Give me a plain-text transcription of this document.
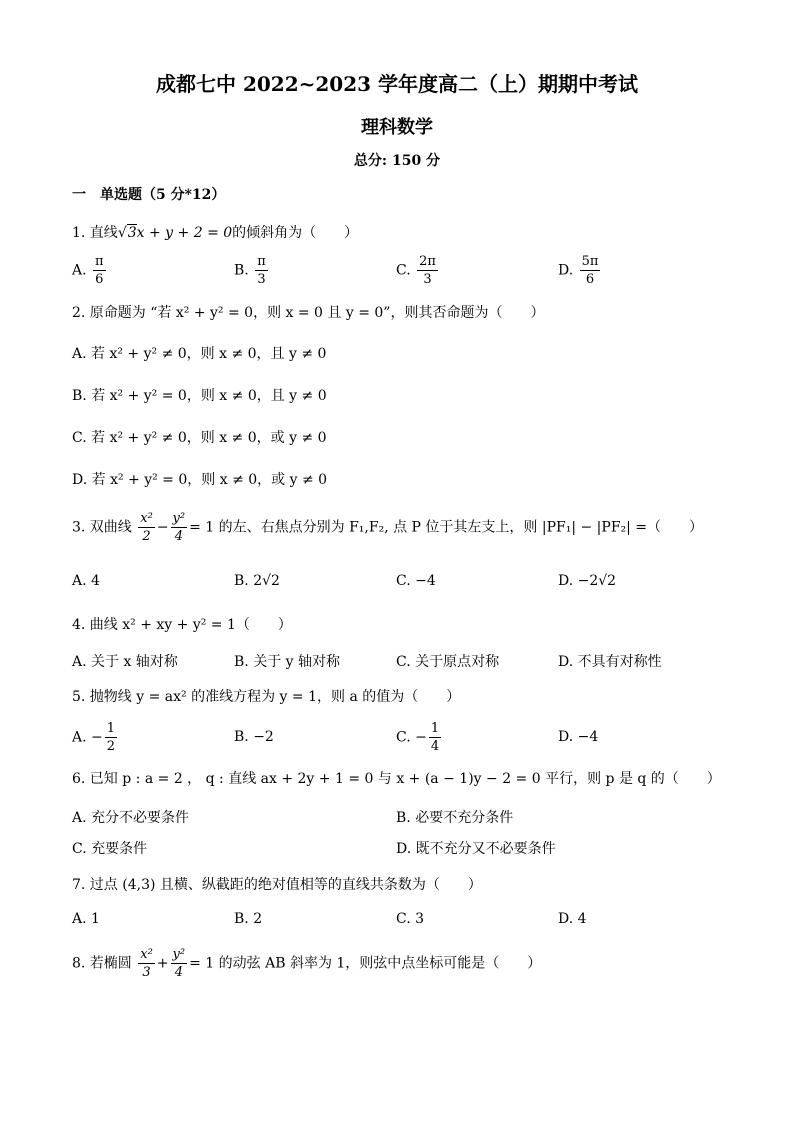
成都七中 2022~2023 学年度高二（上）期期中考试
理科数学
总分: 150 分
一　单选题（5 分*12）
1. 直线√3x + y + 2 = 0的倾斜角为（　　）
A. $\frac{\pi}{6}$	B. $\frac{\pi}{3}$	C. $\frac{2\pi}{3}$	D. $\frac{5\pi}{6}$
2. 原命题为 “若 x² + y² = 0，则 x = 0 且 y = 0”，则其否命题为（　　）
A. 若 x² + y² ≠ 0，则 x ≠ 0，且 y ≠ 0
B. 若 x² + y² = 0，则 x ≠ 0，且 y ≠ 0
C. 若 x² + y² ≠ 0，则 x ≠ 0，或 y ≠ 0
D. 若 x² + y² = 0，则 x ≠ 0，或 y ≠ 0
3. 双曲线 $\frac{\text{x²}}{2} - \frac{\text{y²}}{4} = 1$ 的左、右焦点分别为 F₁,F₂, 点 P 位于其左支上，则 |PF₁| − |PF₂| =（　　）
A. 4	B. 2√2	C. −4	D. −2√2
4. 曲线 x² + xy + y² = 1（　　）
A. 关于 x 轴对称	B. 关于 y 轴对称	C. 关于原点对称	D. 不具有对称性
5. 抛物线 y = ax² 的准线方程为 y = 1，则 a 的值为（　　）
A. − $\frac{1}{2}$	B. −2	C. − $\frac{1}{4}$	D. −4
6. 已知 p : a = 2 ， q : 直线 ax + 2y + 1 = 0 与 x + (a − 1)y − 2 = 0 平行，则 p 是 q 的（　　）
A. 充分不必要条件	B. 必要不充分条件
C. 充要条件	D. 既不充分又不必要条件
7. 过点 (4,3) 且横、纵截距的绝对值相等的直线共条数为（　　）
A. 1	B. 2	C. 3	D. 4
8. 若椭圆 $\frac{\text{x²}}{3} + \frac{\text{y²}}{4} = 1$ 的动弦 AB 斜率为 1，则弦中点坐标可能是（　　）
